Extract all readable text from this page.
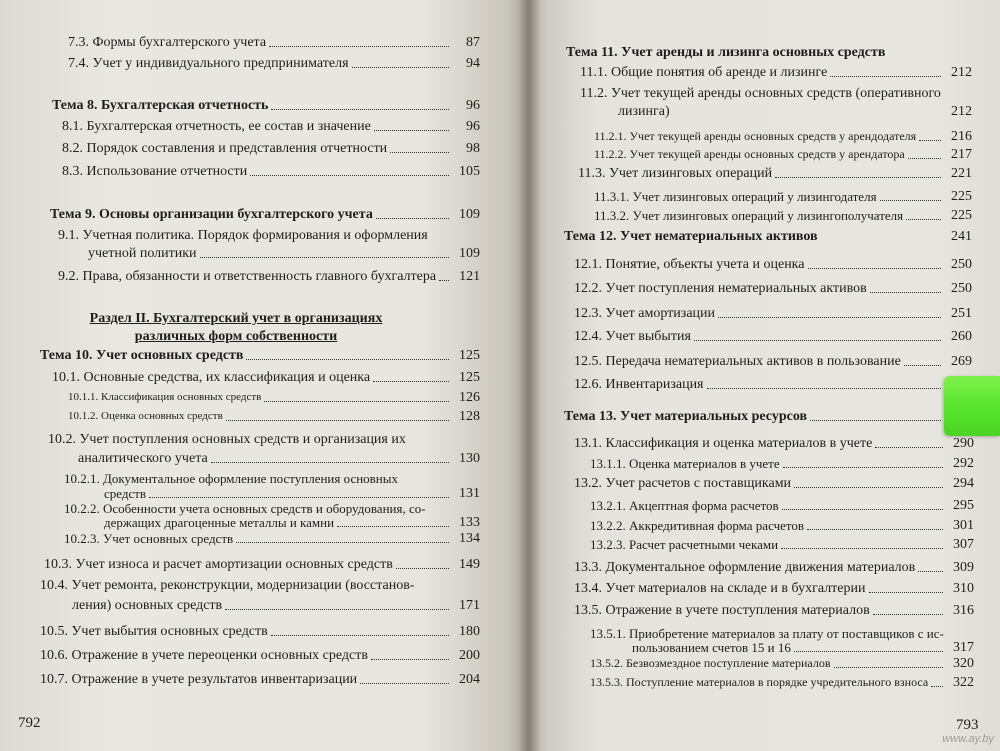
7.3. Формы бухгалтерского учета	87
7.4. Учет у индивидуального предпринимателя	94
Тема 8. Бухгалтерская отчетность	96
8.1. Бухгалтерская отчетность, ее состав и значение	96
8.2. Порядок составления и представления отчетности	98
8.3. Использование отчетности	105
Тема 9. Основы организации бухгалтерского учета	109
9.1. Учетная политика. Порядок формирования и оформления
учетной политики	109
9.2. Права, обязанности и ответственность главного бухгалтера	121
Раздел II. Бухгалтерский учет в организациях
различных форм собственности
Тема 10. Учет основных средств	125
10.1. Основные средства, их классификация и оценка	125
10.1.1. Классификация основных средств	126
10.1.2. Оценка основных средств	128
10.2. Учет поступления основных средств и организация их
аналитического учета	130
10.2.1. Документальное оформление поступления основных
средств	131
10.2.2. Особенности учета основных средств и оборудования, со-
держащих драгоценные металлы и камни	133
10.2.3. Учет основных средств	134
10.3. Учет износа и расчет амортизации основных средств	149
10.4. Учет ремонта, реконструкции, модернизации (восстанов-
ления) основных средств	171
10.5. Учет выбытия основных средств	180
10.6. Отражение в учете переоценки основных средств	200
10.7. Отражение в учете результатов инвентаризации	204
792
Тема 11. Учет аренды и лизинга основных средств
11.1. Общие понятия об аренде и лизинге	212
11.2. Учет текущей аренды основных средств (оперативного
лизинга)	212
11.2.1. Учет текущей аренды основных средств у арендодателя	216
11.2.2. Учет текущей аренды основных средств у арендатора	217
11.3. Учет лизинговых операций	221
11.3.1. Учет лизинговых операций у лизингодателя	225
11.3.2. Учет лизинговых операций у лизингополучателя	225
Тема 12. Учет нематериальных активов	241
12.1. Понятие, объекты учета и оценка	250
12.2. Учет поступления нематериальных активов	250
12.3. Учет амортизации	251
12.4. Учет выбытия	260
12.5. Передача нематериальных активов в пользование	269
12.6. Инвентаризация
Тема 13. Учет материальных ресурсов
13.1. Классификация и оценка материалов в учете	290
13.1.1. Оценка материалов в учете	292
13.2. Учет расчетов с поставщиками	294
13.2.1. Акцептная форма расчетов	295
13.2.2. Аккредитивная форма расчетов	301
13.2.3. Расчет расчетными чеками	307
13.3. Документальное оформление движения материалов	309
13.4. Учет материалов на складе и в бухгалтерии	310
13.5. Отражение в учете поступления материалов	316
13.5.1. Приобретение материалов за плату от поставщиков с ис-
пользованием счетов 15 и 16	317
13.5.2. Безвозмездное поступление материалов	320
13.5.3. Поступление материалов в порядке учредительного взноса	322
793
www.ay.by
